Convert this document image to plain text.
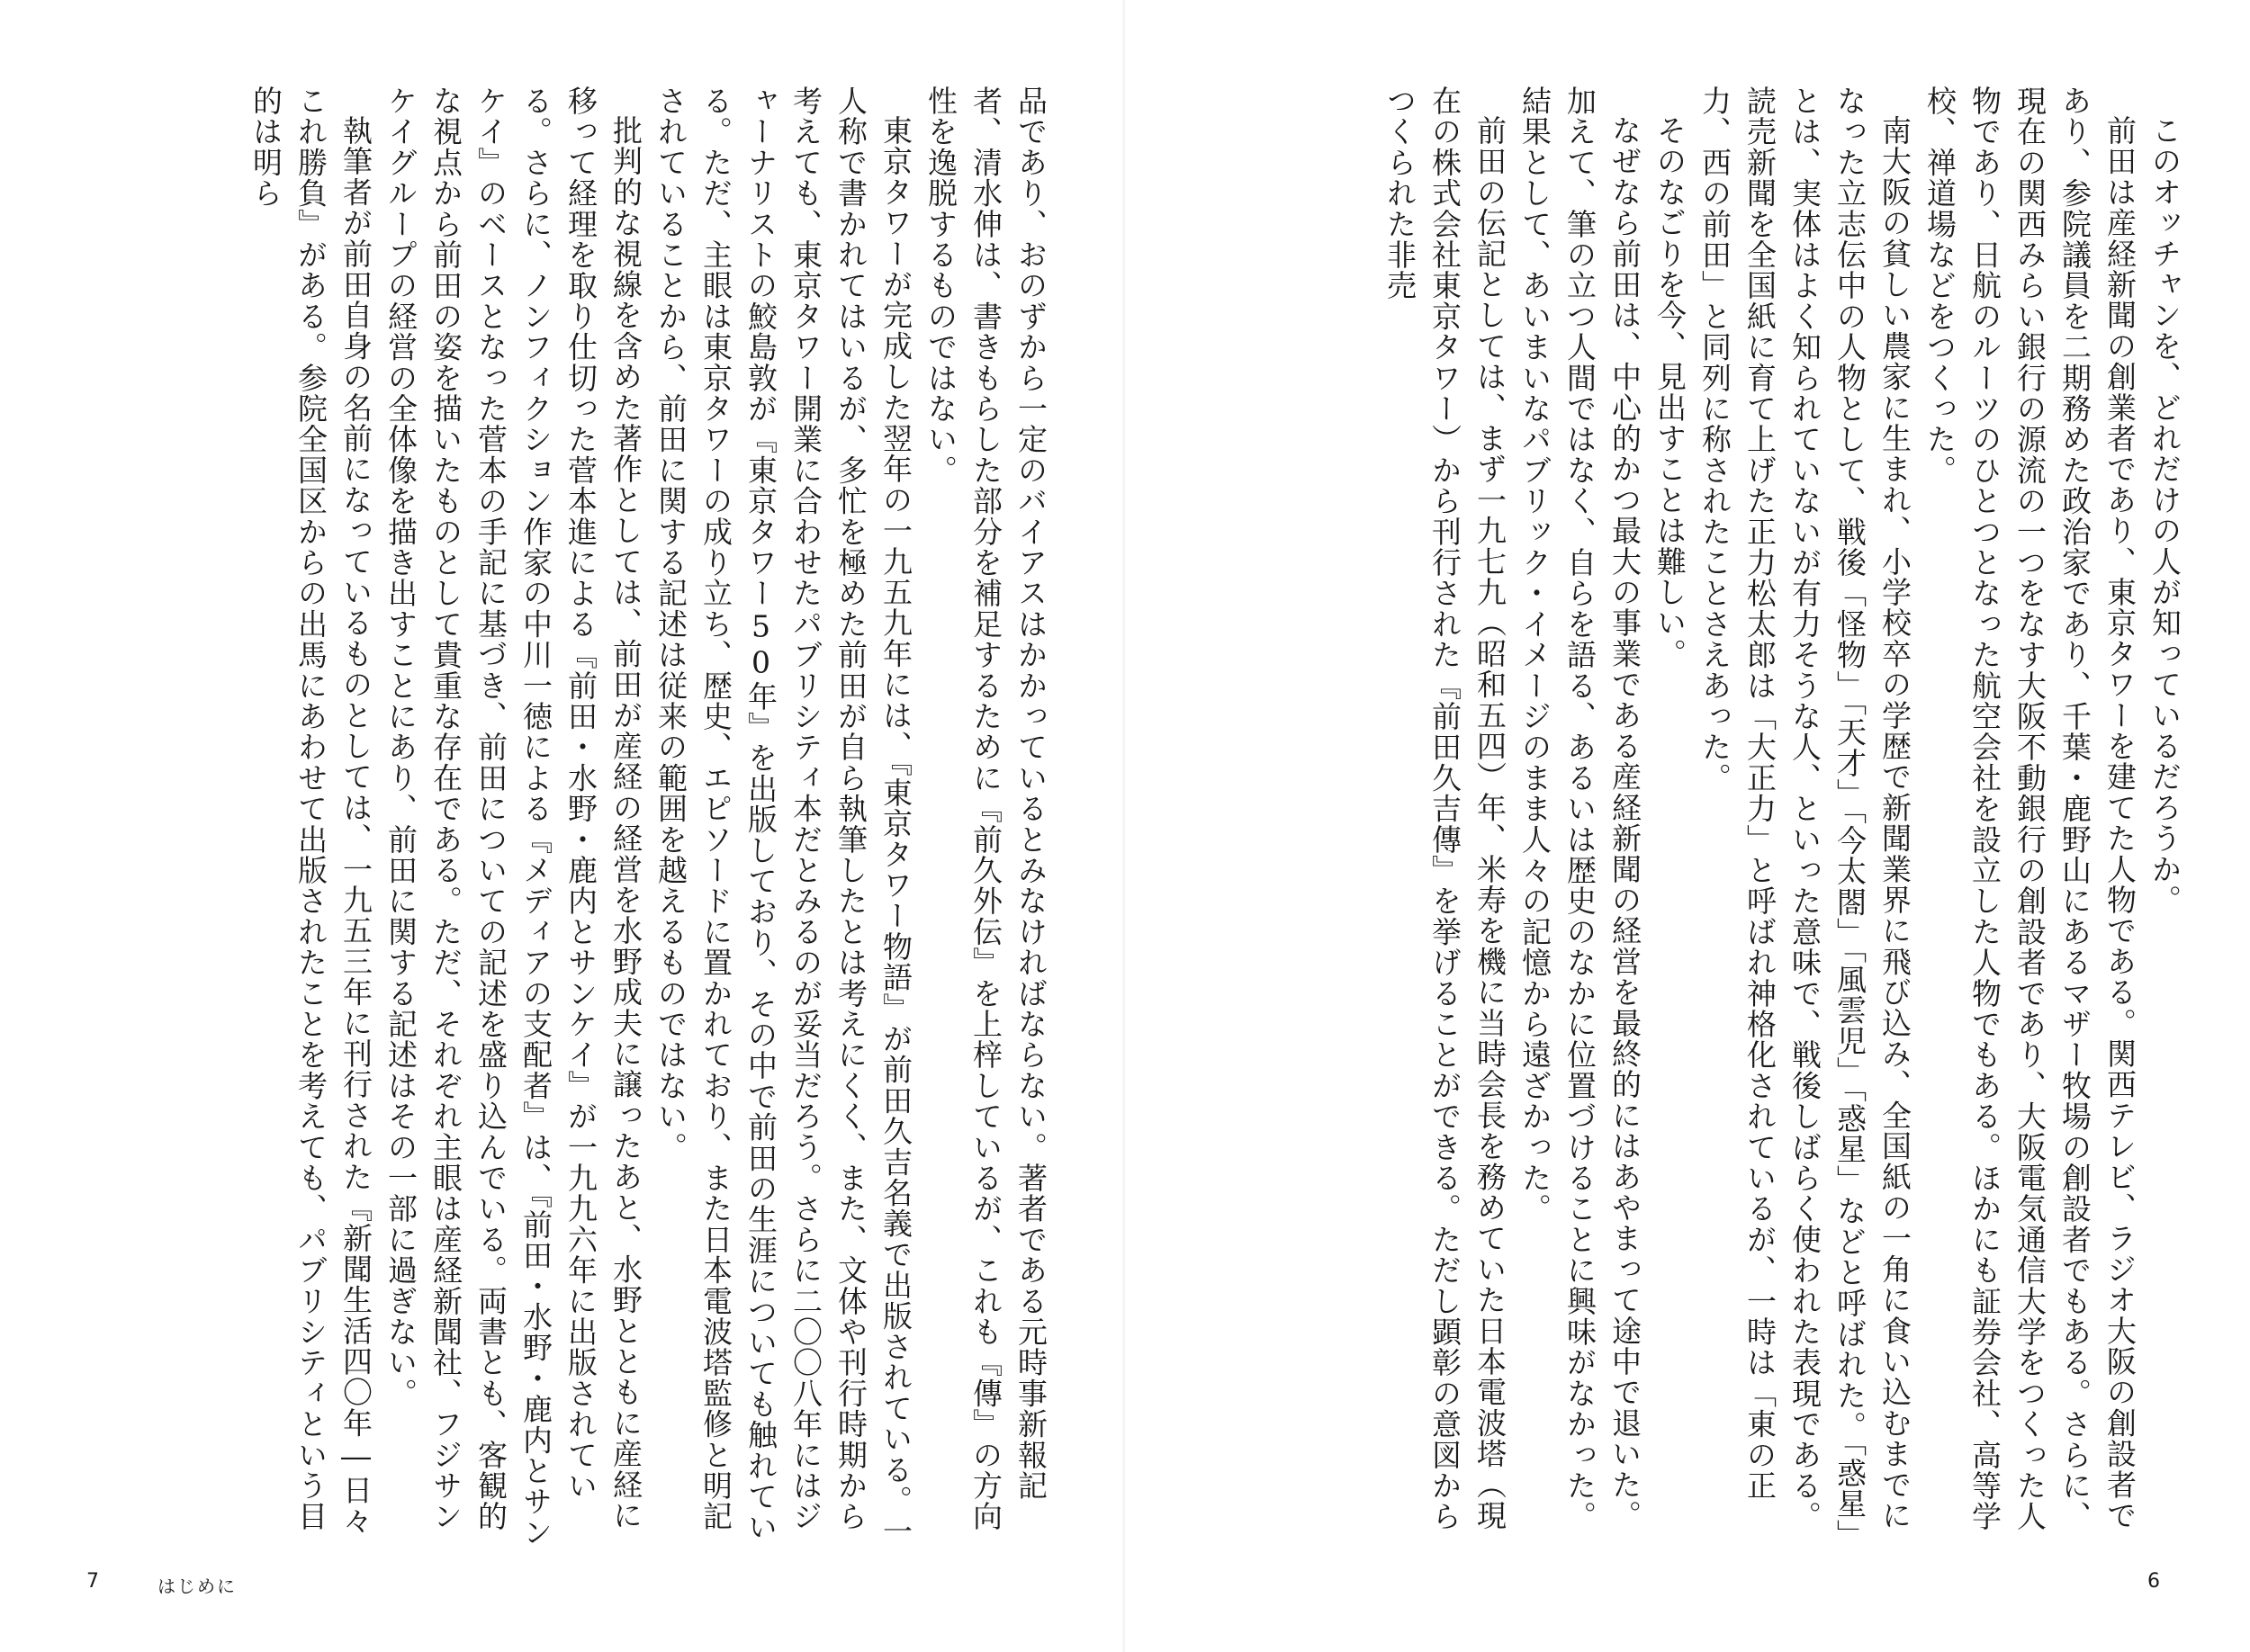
品であり、おのずから一定のバイアスはかかっているとみなければならない。著者である元時事新報記者、清水伸は、書きもらした部分を補足するために『前久外伝』を上梓しているが、これも『傳』の方向性を逸脱するものではない。

東京タワーが完成した翌年の一九五九年には、『東京タワー物語』が前田久吉名義で出版されている。一人称で書かれてはいるが、多忙を極めた前田が自ら執筆したとは考えにくく、また、文体や刊行時期から考えても、東京タワー開業に合わせたパブリシティ本だとみるのが妥当だろう。さらに二〇〇八年にはジャーナリストの鮫島敦が『東京タワー50年』を出版しており、その中で前田の生涯についても触れている。ただ、主眼は東京タワーの成り立ち、歴史、エピソードに置かれており、また日本電波塔監修と明記されていることから、前田に関する記述は従来の範囲を越えるものではない。

批判的な視線を含めた著作としては、前田が産経の経営を水野成夫に譲ったあと、水野とともに産経に移って経理を取り仕切った菅本進による『前田・水野・鹿内とサンケイ』が一九九六年に出版されている。さらに、ノンフィクション作家の中川一徳による『メディアの支配者』は、『前田・水野・鹿内とサンケイ』のベースとなった菅本の手記に基づき、前田についての記述を盛り込んでいる。両書とも、客観的な視点から前田の姿を描いたものとして貴重な存在である。ただ、それぞれ主眼は産経新聞社、フジサンケイグループの経営の全体像を描き出すことにあり、前田に関する記述はその一部に過ぎない。

執筆者が前田自身の名前になっているものとしては、一九五三年に刊行された『新聞生活四〇年―日々これ勝負』がある。参院全国区からの出馬にあわせて出版されたことを考えても、パブリシティという目的は明ら

7	はじめに

このオッチャンを、どれだけの人が知っているだろうか。

前田は産経新聞の創業者であり、東京タワーを建てた人物である。関西テレビ、ラジオ大阪の創設者であり、参院議員を二期務めた政治家であり、千葉・鹿野山にあるマザー牧場の創設者でもある。さらに、現在の関西みらい銀行の源流の一つをなす大阪不動銀行の創設者であり、大阪電気通信大学をつくった人物であり、日航のルーツのひとつとなった航空会社を設立した人物でもある。ほかにも証券会社、高等学校、禅道場などをつくった。

南大阪の貧しい農家に生まれ、小学校卒の学歴で新聞業界に飛び込み、全国紙の一角に食い込むまでになった立志伝中の人物として、戦後「怪物」「天才」「今太閤」「風雲児」「惑星」などと呼ばれた。「惑星」とは、実体はよく知られていないが有力そうな人、といった意味で、戦後しばらく使われた表現である。読売新聞を全国紙に育て上げた正力松太郎は「大正力」と呼ばれ神格化されているが、一時は「東の正力、西の前田」と同列に称されたことさえあった。

そのなごりを今、見出すことは難しい。

なぜなら前田は、中心的かつ最大の事業である産経新聞の経営を最終的にはあやまって途中で退いた。加えて、筆の立つ人間ではなく、自らを語る、あるいは歴史のなかに位置づけることに興味がなかった。結果として、あいまいなパブリック・イメージのまま人々の記憶から遠ざかった。

前田の伝記としては、まず一九七九（昭和五四）年、米寿を機に当時会長を務めていた日本電波塔（現在の株式会社東京タワー）から刊行された『前田久吉傳』を挙げることができる。ただし顕彰の意図からつくられた非売

6
